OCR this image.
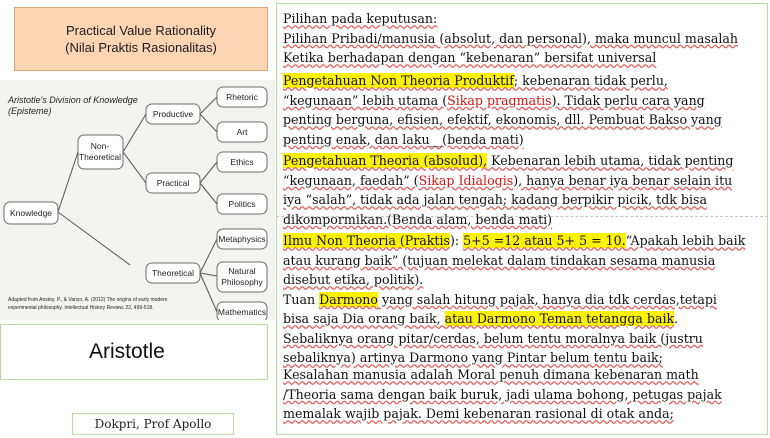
Practical Value Rationality
(Nilai Praktis Rasionalitas)
Aristotle's Division of Knowledge
(Episteme)
Knowledge
Non-
Theoretical
Productive
Practical
Theoretical
Rhetoric
Art
Ethics
Politics
Metaphysics
Natural
Philosophy
Mathematics
Adapted from Anstey, P., & Vanzo, A. (2012) The origins of early modern
experimental philosophy. Intellectual History Review, 22, 499-518.
Aristotle
Dokpri, Prof Apollo

Pilihan pada keputusan:

Pilihan Pribadi/manusia (absolut, dan personal), maka muncul masalah

Ketika berhadapan dengan “kebenaran” bersifat universal

Pengetahuan Non Theoria Produktif; kebenaran tidak perlu,

“kegunaan” lebih utama (Sikap pragmatis). Tidak perlu cara yang

penting berguna, efisien, efektif, ekonomis, dll. Pembuat Bakso yang

penting enak, dan laku__(benda mati)

Pengetahuan Theoria (absolud), Kebenaran lebih utama, tidak penting

“kegunaan, faedah” (Sikap Idialogis), hanya benar iya benar selain itu

iya “salah”, tidak ada jalan tengah; kadang berpikir picik, tdk bisa

dikompormikan.(Benda alam, benda mati)

Ilmu Non Theoria (Praktis): 5+5 =12 atau 5+ 5 = 10.“Apakah lebih baik

atau kurang baik” (tujuan melekat dalam tindakan sesama manusia

disebut etika, politik).

Tuan Darmono yang salah hitung pajak, hanya dia tdk cerdas,tetapi

bisa saja Dia orang baik, atau Darmono Teman tetangga baik.

Sebaliknya orang pitar/cerdas, belum tentu moralnya baik (justru

sebaliknya) artinya Darmono yang Pintar belum tentu baik;

Kesalahan manusia adalah Moral penuh dimana kebenaran math

/Theoria sama dengan baik buruk, jadi ulama bohong, petugas pajak

memalak wajib pajak. Demi kebenaran rasional di otak anda;
